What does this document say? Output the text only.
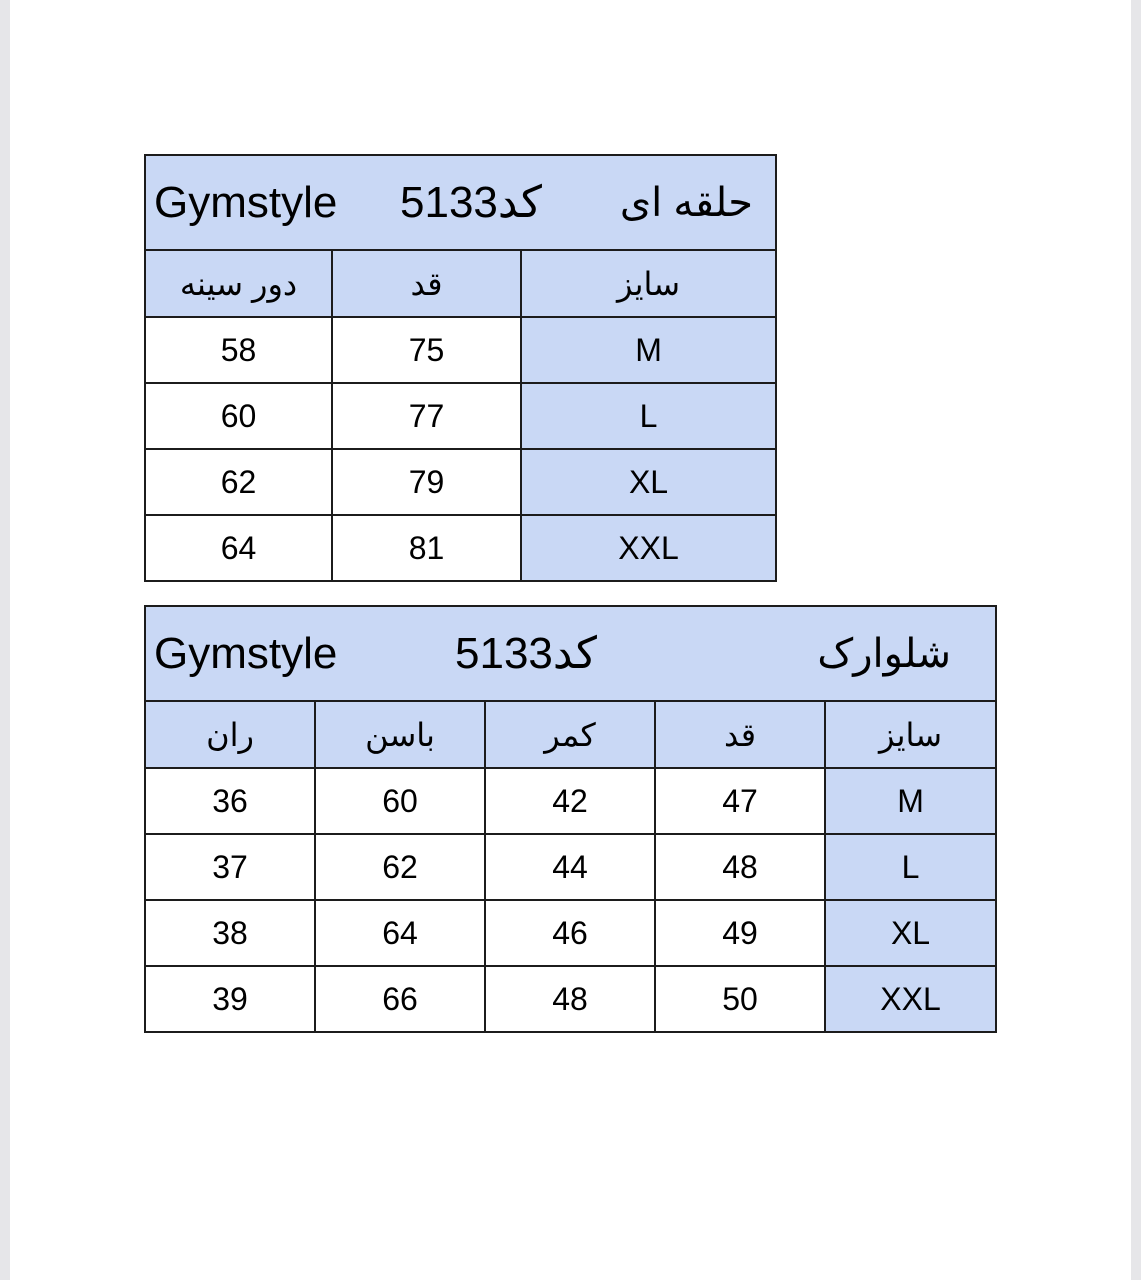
Gymstyle 5133کد حلقه ای		

دور سینه	قد	سایز
58	75	M
60	77	L
62	79	XL
64	81	XXL
Gymstyle 5133کد شلوارک				

ران	باسن	کمر	قد	سایز
36	60	42	47	M
37	62	44	48	L
38	64	46	49	XL
39	66	48	50	XXL
